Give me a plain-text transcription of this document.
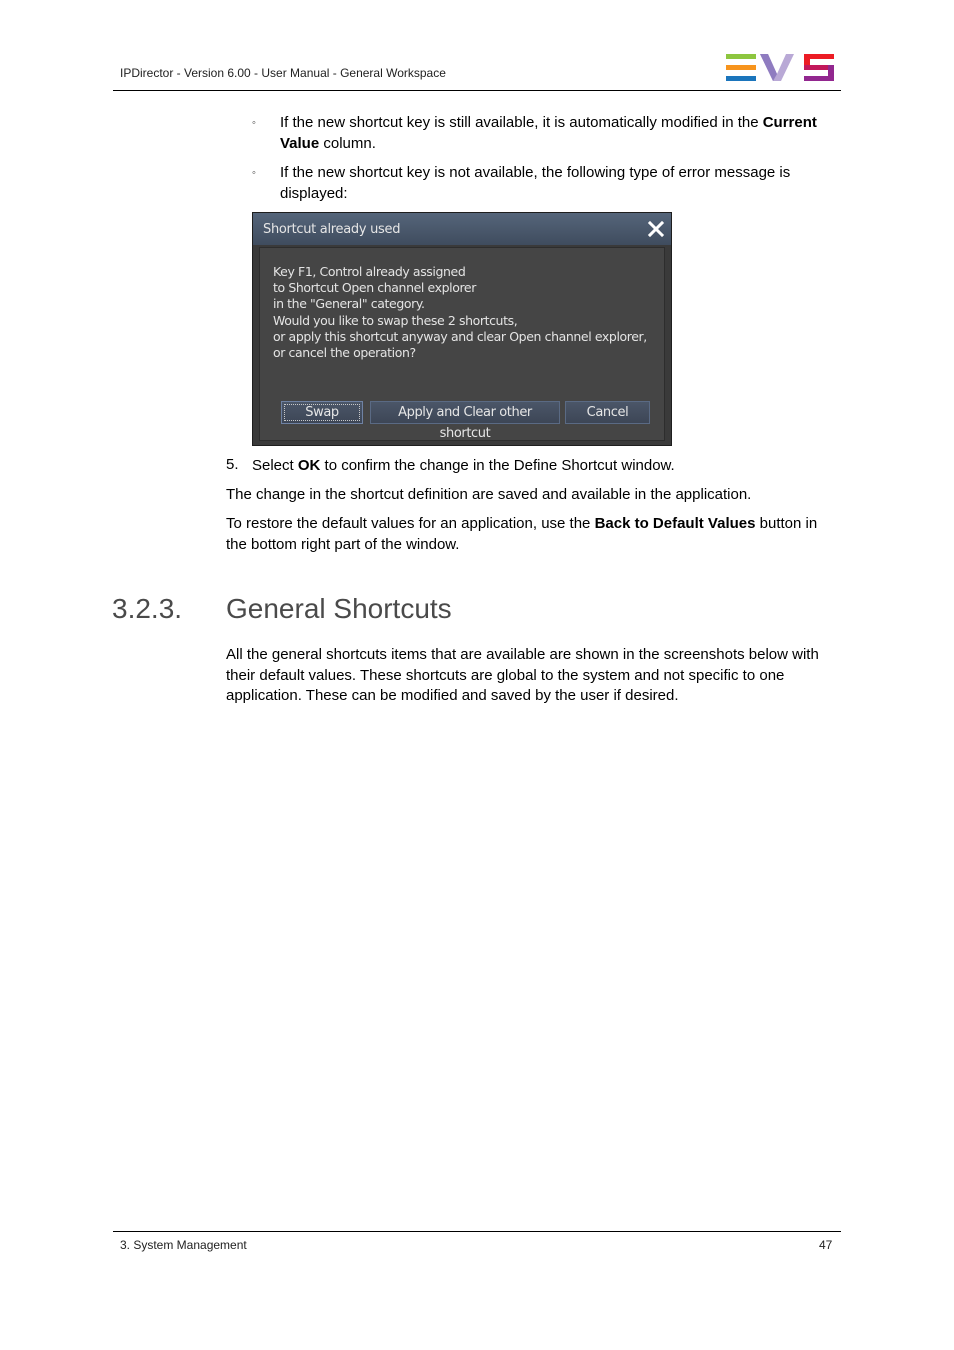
IPDirector - Version 6.00 - User Manual - General Workspace
◦ If the new shortcut key is still available, it is automatically modified in the Current Value column.
◦ If the new shortcut key is not available, the following type of error message is displayed:
Shortcut already used
Key F1, Control already assigned
to Shortcut Open channel explorer
in the "General" category.
Would you like to swap these 2 shortcuts,
or apply this shortcut anyway and clear Open channel explorer,
or cancel the operation?
Swap	Apply and Clear other shortcut
Cancel
5. Select OK to confirm the change in the Define Shortcut window.
The change in the shortcut definition are saved and available in the application.
To restore the default values for an application, use the Back to Default Values button in the bottom right part of the window.
3.2.3. General Shortcuts
All the general shortcuts items that are available are shown in the screenshots below with their default values. These shortcuts are global to the system and not specific to one application. These can be modified and saved by the user if desired.
3. System Management	47
